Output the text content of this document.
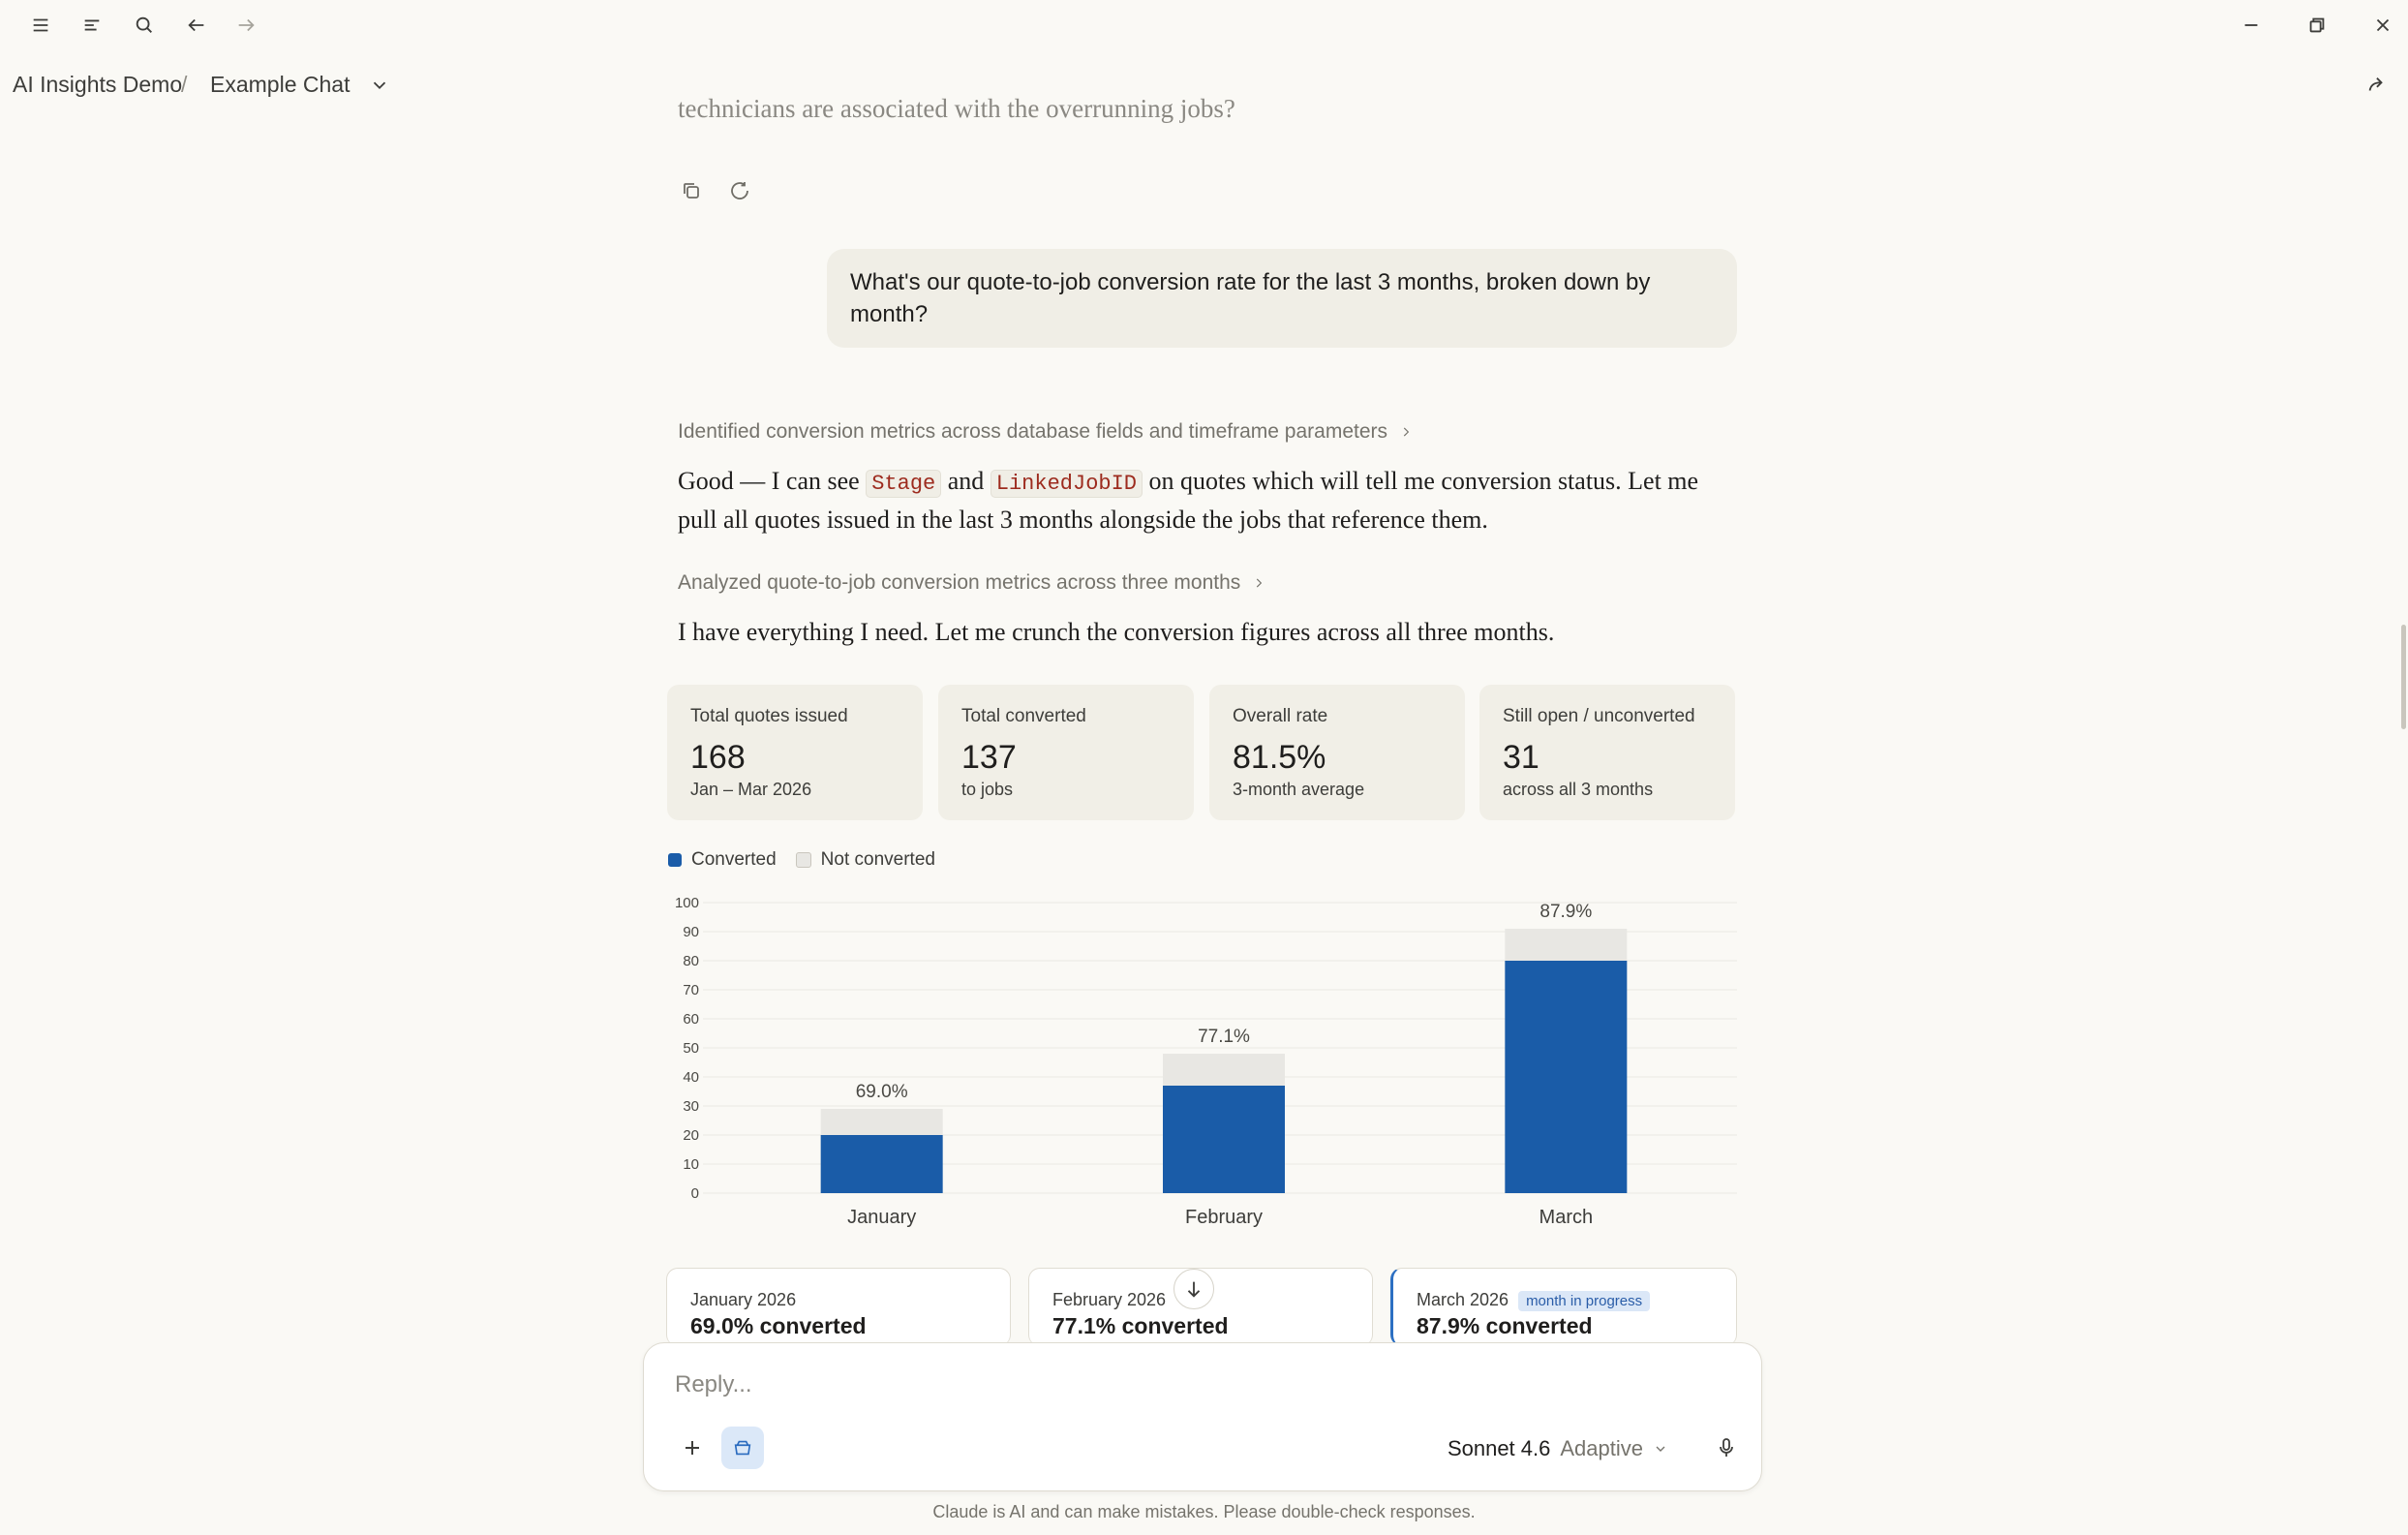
AI Insights Demo
/ Example Chat
technicians are associated with the overrunning jobs?
What's our quote-to-job conversion rate for the last 3 months, broken down by month?
Identified conversion metrics across database fields and timeframe parameters
Good — I can see Stage and LinkedJobID on quotes which will tell me conversion status. Let me pull all quotes issued in the last 3 months alongside the jobs that reference them.
Analyzed quote-to-job conversion metrics across three months
I have everything I need. Let me crunch the conversion figures across all three months.
Total quotes issued
168
Jan – Mar 2026
Total converted
137
to jobs
Overall rate
81.5%
3-month average
Still open / unconverted
31
across all 3 months
Converted Not converted
0
10
20
30
40
50
60
70
80
90
100
69.0%
January
77.1%
February
87.9%
March
January 2026
69.0% converted
February 2026
77.1% converted
March 2026 month in progress
87.9% converted
Reply...
Sonnet 4.6 Adaptive
Claude is AI and can make mistakes. Please double-check responses.
